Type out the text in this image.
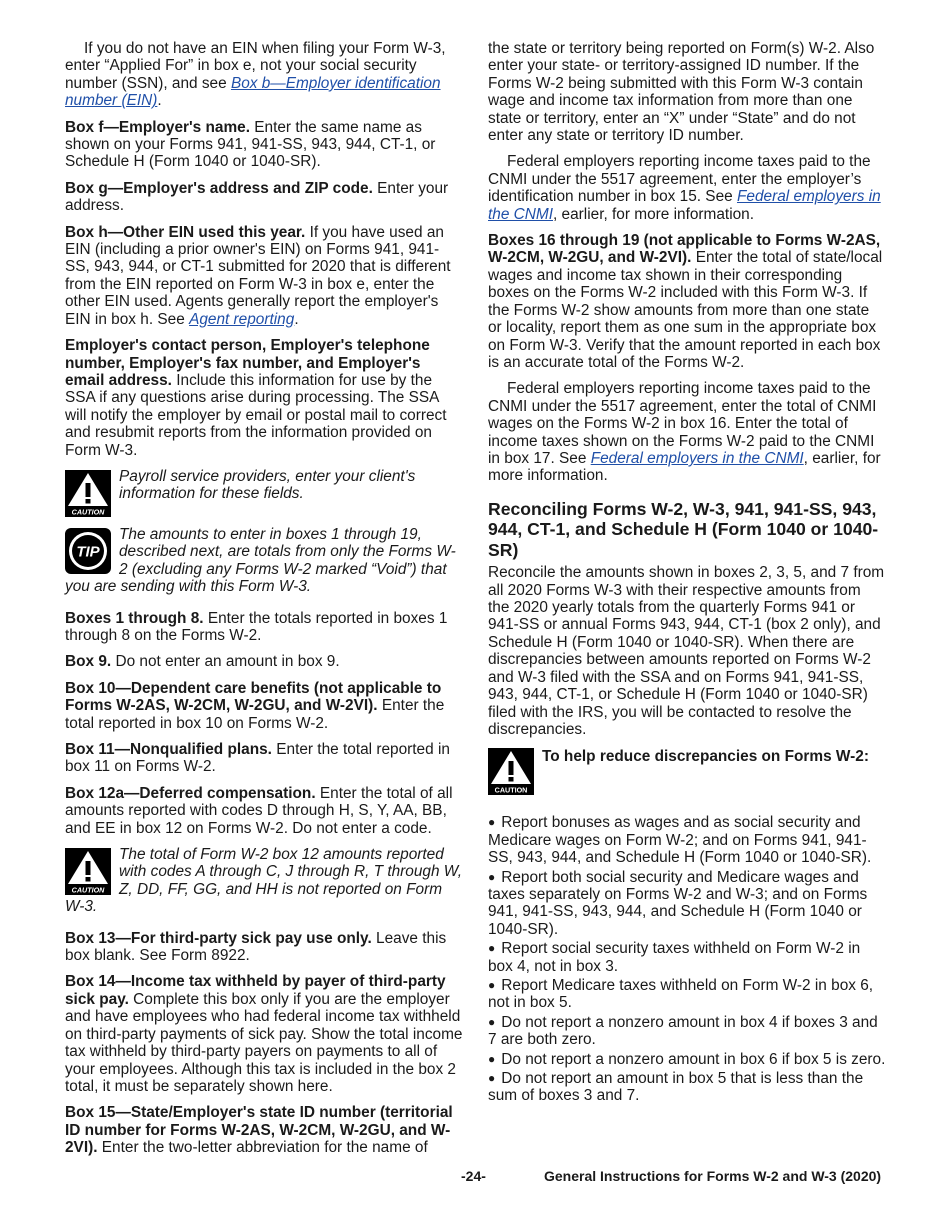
If you do not have an EIN when filing your Form W-3, enter “Applied For” in box e, not your social security number (SSN), and see Box b—Employer identification number (EIN).

Box f—Employer's name. Enter the same name as shown on your Forms 941, 941-SS, 943, 944, CT-1, or Schedule H (Form 1040 or 1040-SR).

Box g—Employer's address and ZIP code. Enter your address.

Box h—Other EIN used this year. If you have used an EIN (including a prior owner's EIN) on Forms 941, 941-SS, 943, 944, or CT-1 submitted for 2020 that is different from the EIN reported on Form W-3 in box e, enter the other EIN used. Agents generally report the employer's EIN in box h. See Agent reporting.

Employer's contact person, Employer's telephone number, Employer's fax number, and Employer's email address. Include this information for use by the SSA if any questions arise during processing. The SSA will notify the employer by email or postal mail to correct and resubmit reports from the information provided on Form W-3.

CAUTION
Payroll service providers, enter your client's information for these fields.
TIP
The amounts to enter in boxes 1 through 19, described next, are totals from only the Forms W-2 (excluding any Forms W-2 marked “Void”) that you are sending with this Form W-3.

Boxes 1 through 8. Enter the totals reported in boxes 1 through 8 on the Forms W-2.

Box 9. Do not enter an amount in box 9.

Box 10—Dependent care benefits (not applicable to Forms W-2AS, W-2CM, W-2GU, and W-2VI). Enter the total reported in box 10 on Forms W-2.

Box 11—Nonqualified plans. Enter the total reported in box 11 on Forms W-2.

Box 12a—Deferred compensation. Enter the total of all amounts reported with codes D through H, S, Y, AA, BB, and EE in box 12 on Forms W-2. Do not enter a code.

CAUTION
The total of Form W-2 box 12 amounts reported with codes A through C, J through R, T through W, Z, DD, FF, GG, and HH is not reported on Form W-3.

Box 13—For third-party sick pay use only. Leave this box blank. See Form 8922.

Box 14—Income tax withheld by payer of third-party sick pay. Complete this box only if you are the employer and have employees who had federal income tax withheld on third-party payments of sick pay. Show the total income tax withheld by third-party payers on payments to all of your employees. Although this tax is included in the box 2 total, it must be separately shown here.

Box 15—State/Employer's state ID number (territorial ID number for Forms W-2AS, W-2CM, W-2GU, and W-2VI). Enter the two-letter abbreviation for the name of

the state or territory being reported on Form(s) W-2. Also enter your state- or territory-assigned ID number. If the Forms W-2 being submitted with this Form W-3 contain wage and income tax information from more than one state or territory, enter an “X” under “State” and do not enter any state or territory ID number.

Federal employers reporting income taxes paid to the CNMI under the 5517 agreement, enter the employer’s identification number in box 15. See Federal employers in the CNMI, earlier, for more information.

Boxes 16 through 19 (not applicable to Forms W-2AS, W-2CM, W-2GU, and W-2VI). Enter the total of state/local wages and income tax shown in their corresponding boxes on the Forms W-2 included with this Form W-3. If the Forms W-2 show amounts from more than one state or locality, report them as one sum in the appropriate box on Form W-3. Verify that the amount reported in each box is an accurate total of the Forms W-2.

Federal employers reporting income taxes paid to the CNMI under the 5517 agreement, enter the total of CNMI wages on the Forms W-2 in box 16. Enter the total of income taxes shown on the Forms W-2 paid to the CNMI in box 17. See Federal employers in the CNMI, earlier, for more information.

Reconciling Forms W-2, W-3, 941, 941-SS, 943, 944, CT-1, and Schedule H (Form 1040 or 1040-SR)

Reconcile the amounts shown in boxes 2, 3, 5, and 7 from all 2020 Forms W-3 with their respective amounts from the 2020 yearly totals from the quarterly Forms 941 or 941-SS or annual Forms 943, 944, CT-1 (box 2 only), and Schedule H (Form 1040 or 1040-SR). When there are discrepancies between amounts reported on Forms W-2 and W-3 filed with the SSA and on Forms 941, 941-SS, 943, 944, CT-1, or Schedule H (Form 1040 or 1040-SR) filed with the IRS, you will be contacted to resolve the discrepancies.

CAUTION
To help reduce discrepancies on Forms W-2:
● Report bonuses as wages and as social security and Medicare wages on Form W-2; and on Forms 941, 941-SS, 943, 944, and Schedule H (Form 1040 or 1040-SR).
● Report both social security and Medicare wages and taxes separately on Forms W-2 and W-3; and on Forms 941, 941-SS, 943, 944, and Schedule H (Form 1040 or 1040-SR).
● Report social security taxes withheld on Form W-2 in box 4, not in box 3.
● Report Medicare taxes withheld on Form W-2 in box 6, not in box 5.
● Do not report a nonzero amount in box 4 if boxes 3 and 7 are both zero.
● Do not report a nonzero amount in box 6 if box 5 is zero.
● Do not report an amount in box 5 that is less than the sum of boxes 3 and 7.
-24-	General Instructions for Forms W-2 and W-3 (2020)
